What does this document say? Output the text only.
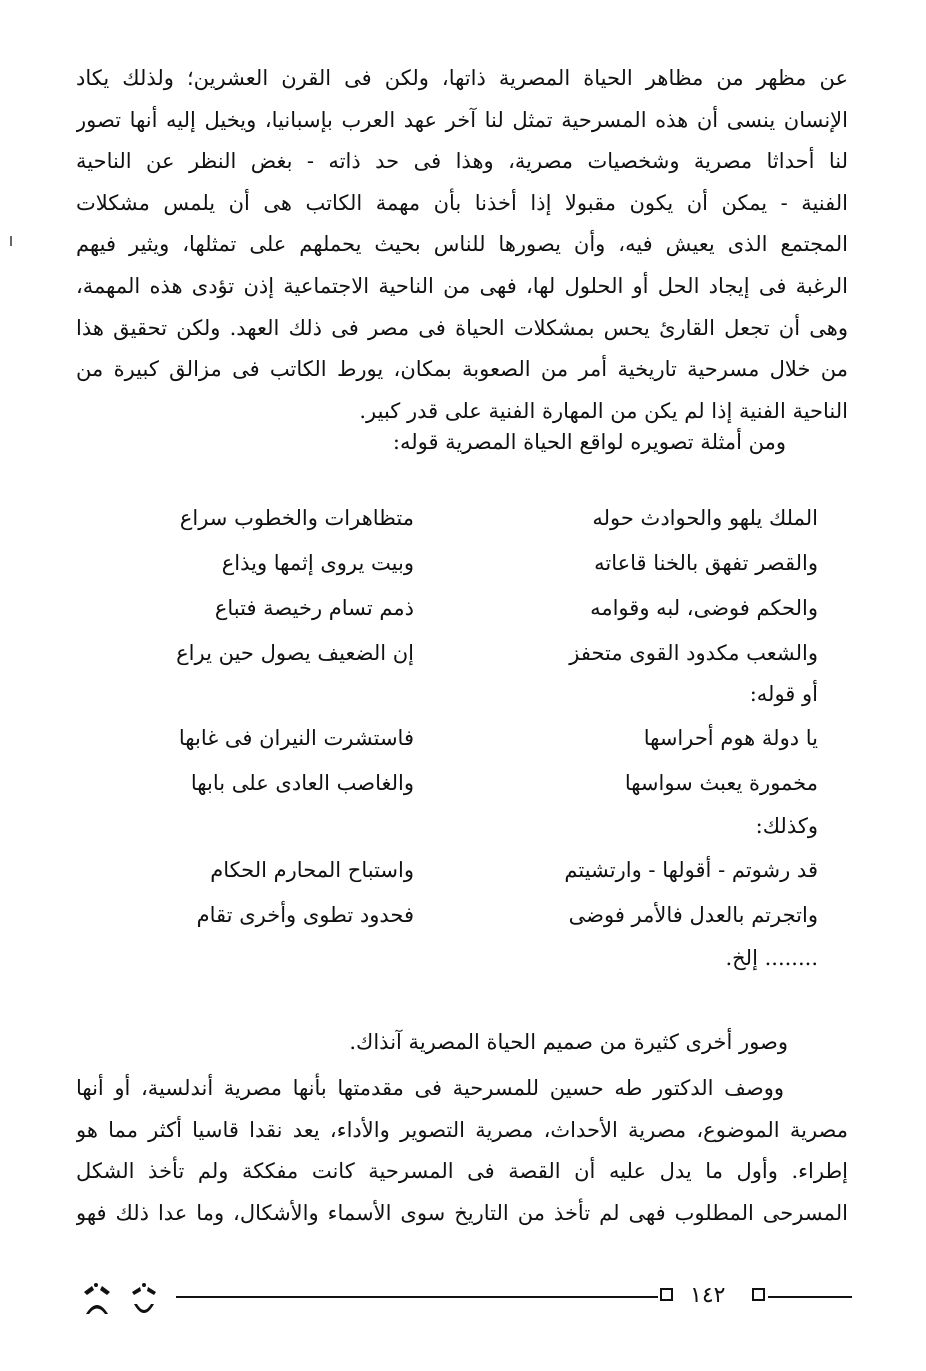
عن مظهر من مظاهر الحياة المصرية ذاتها، ولكن فى القرن العشرين؛ ولذلك يكاد
الإنسان ينسى أن هذه المسرحية تمثل لنا آخر عهد العرب بإسبانيا، ويخيل إليه أنها تصور
لنا أحداثا مصرية وشخصيات مصرية، وهذا فى حد ذاته - بغض النظر عن الناحية
الفنية - يمكن أن يكون مقبولا إذا أخذنا بأن مهمة الكاتب هى أن يلمس مشكلات
المجتمع الذى يعيش فيه، وأن يصورها للناس بحيث يحملهم على تمثلها، ويثير فيهم
الرغبة فى إيجاد الحل أو الحلول لها، فهى من الناحية الاجتماعية إذن تؤدى هذه المهمة،
وهى أن تجعل القارئ يحس بمشكلات الحياة فى مصر فى ذلك العهد. ولكن تحقيق هذا
من خلال مسرحية تاريخية أمر من الصعوبة بمكان، يورط الكاتب فى مزالق كبيرة من
الناحية الفنية إذا لم يكن من المهارة الفنية على قدر كبير.
ومن أمثلة تصويره لواقع الحياة المصرية قوله:
الملك يلهو والحوادث حوله
متظاهرات والخطوب سراع
والقصر تفهق بالخنا قاعاته
وبيت يروى إثمها ويذاع
والحكم فوضى، لبه وقوامه
ذمم تسام رخيصة فتباع
والشعب مكدود القوى متحفز
إن الضعيف يصول حين يراع
أو قوله:
يا دولة هوم أحراسها
فاستشرت النيران فى غابها
مخمورة يعبث سواسها
والغاصب العادى على بابها
وكذلك:
قد رشوتم - أقولها - وارتشيتم
واستباح المحارم الحكام
واتجرتم بالعدل فالأمر فوضى
فحدود تطوى وأخرى تقام
........ إلخ.
وصور أخرى كثيرة من صميم الحياة المصرية آنذاك.
ووصف الدكتور طه حسين للمسرحية فى مقدمتها بأنها مصرية أندلسية، أو أنها
مصرية الموضوع، مصرية الأحداث، مصرية التصوير والأداء، يعد نقدا قاسيا أكثر مما هو
إطراء. وأول ما يدل عليه أن القصة فى المسرحية كانت مفككة ولم تأخذ الشكل
المسرحى المطلوب فهى لم تأخذ من التاريخ سوى الأسماء والأشكال، وما عدا ذلك فهو
١٤٢
